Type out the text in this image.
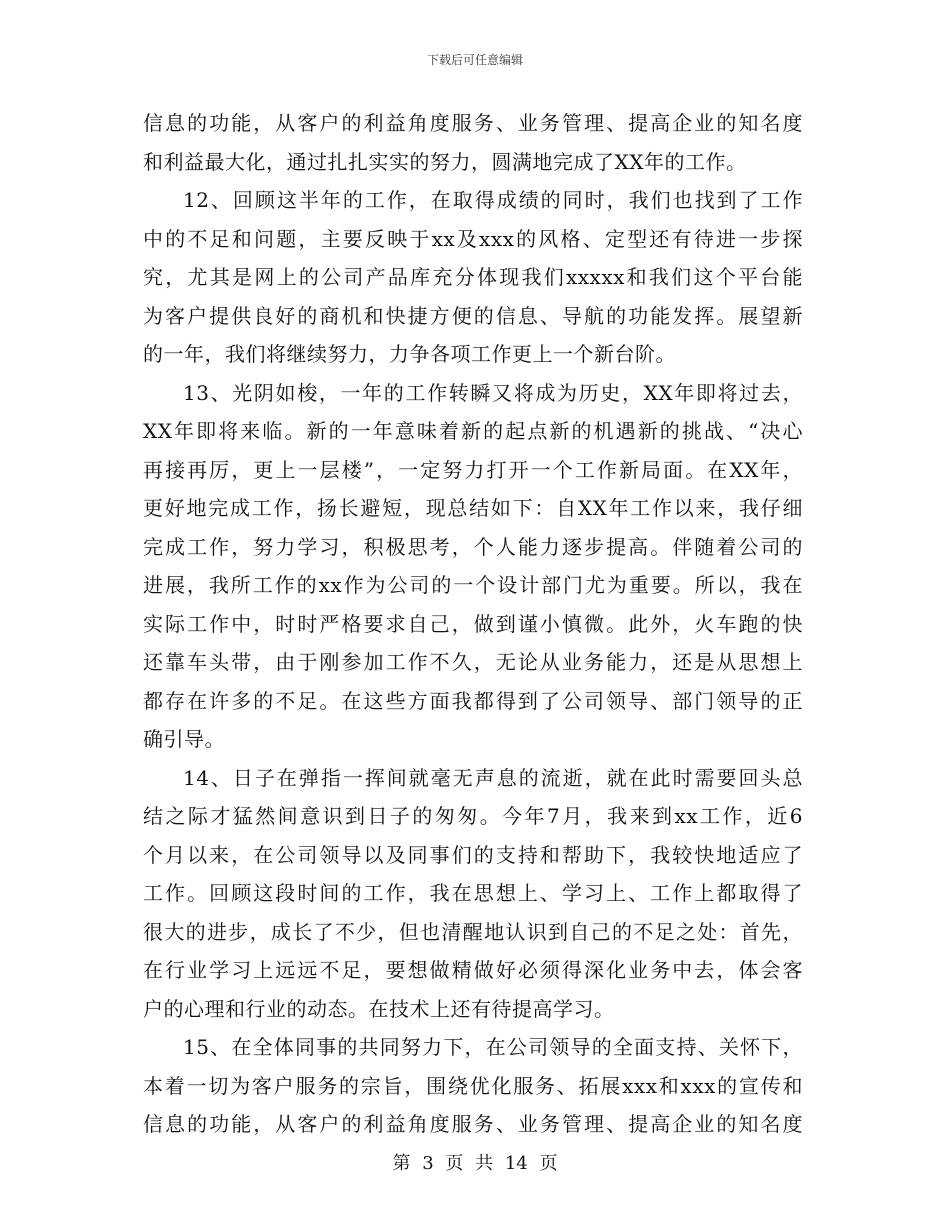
下载后可任意编辑
信息的功能，从客户的利益角度服务、业务管理、提高企业的知名度
和利益最大化，通过扎扎实实的努力，圆满地完成了XX年的工作。
12、回顾这半年的工作，在取得成绩的同时，我们也找到了工作
中的不足和问题，主要反映于xx及xxx的风格、定型还有待进一步探
究，尤其是网上的公司产品库充分体现我们xxxxx和我们这个平台能
为客户提供良好的商机和快捷方便的信息、导航的功能发挥。展望新
的一年，我们将继续努力，力争各项工作更上一个新台阶。
13、光阴如梭，一年的工作转瞬又将成为历史，XX年即将过去，
XX年即将来临。新的一年意味着新的起点新的机遇新的挑战、“决心
再接再厉，更上一层楼”，一定努力打开一个工作新局面。在XX年，
更好地完成工作，扬长避短，现总结如下：自XX年工作以来，我仔细
完成工作，努力学习，积极思考，个人能力逐步提高。伴随着公司的
进展，我所工作的xx作为公司的一个设计部门尤为重要。所以，我在
实际工作中，时时严格要求自己，做到谨小慎微。此外，火车跑的快
还靠车头带，由于刚参加工作不久，无论从业务能力，还是从思想上
都存在许多的不足。在这些方面我都得到了公司领导、部门领导的正
确引导。
14、日子在弹指一挥间就毫无声息的流逝，就在此时需要回头总
结之际才猛然间意识到日子的匆匆。今年7月，我来到xx工作，近6
个月以来，在公司领导以及同事们的支持和帮助下，我较快地适应了
工作。回顾这段时间的工作，我在思想上、学习上、工作上都取得了
很大的进步，成长了不少，但也清醒地认识到自己的不足之处：首先，
在行业学习上远远不足，要想做精做好必须得深化业务中去，体会客
户的心理和行业的动态。在技术上还有待提高学习。
15、在全体同事的共同努力下，在公司领导的全面支持、关怀下，
本着一切为客户服务的宗旨，围绕优化服务、拓展xxx和xxx的宣传和
信息的功能，从客户的利益角度服务、业务管理、提高企业的知名度
第 3 页 共 14 页
